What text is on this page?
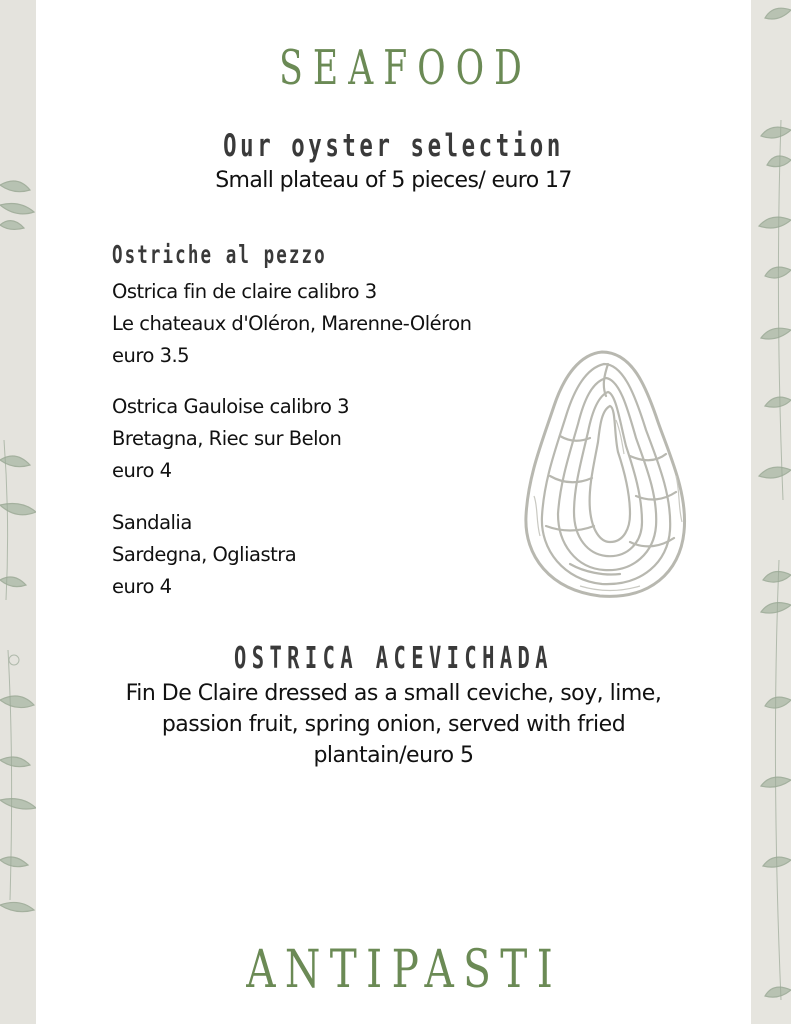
SEAFOOD
Our oyster selection
Small plateau of 5 pieces/ euro 17
Ostriche al pezzo
Ostrica fin de claire calibro 3
Le chateaux d'Oléron, Marenne-Oléron
euro 3.5
Ostrica Gauloise calibro 3
Bretagna, Riec sur Belon
euro 4
Sandalia
Sardegna, Ogliastra
euro 4
OSTRICA ACEVICHADA
Fin De Claire dressed as a small ceviche, soy, lime,
passion fruit, spring onion, served with fried
plantain/euro 5
ANTIPASTI
